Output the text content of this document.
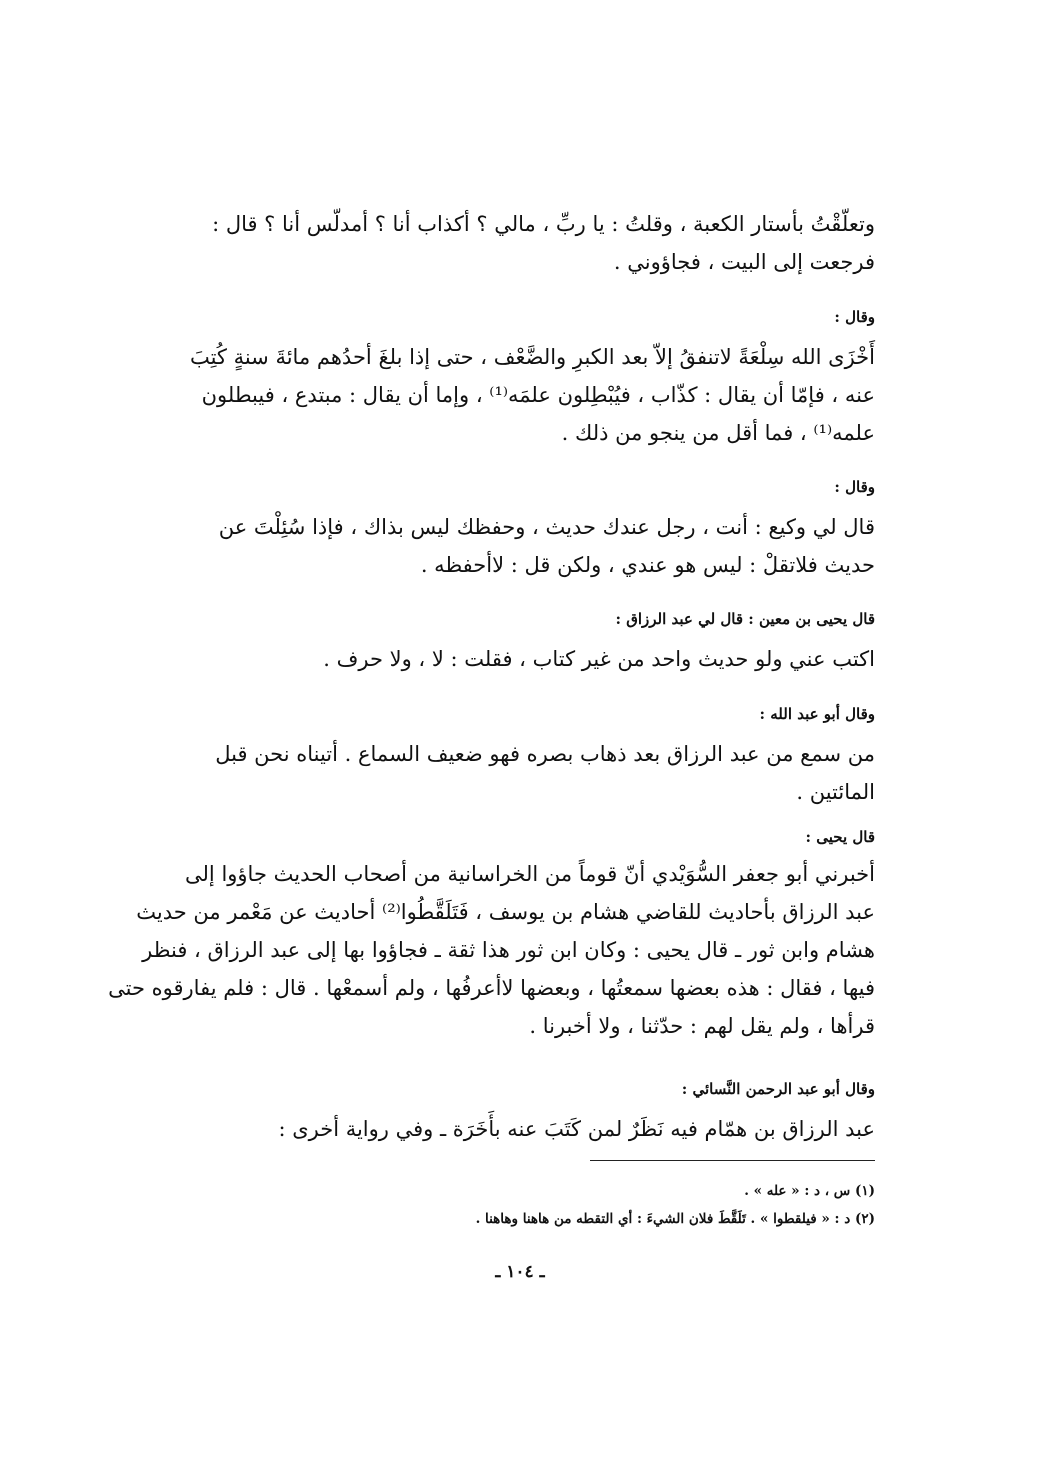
وتعلّقْتُ بأستار الكعبة ، وقلتُ : يا ربِّ ، مالي ؟ أكذاب أنا ؟ أمدلّس أنا ؟ قال :
فرجعت إلى البيت ، فجاؤوني .
وقال :
أَخْزَى الله سِلْعَةً لاتنفقُ إلاّ بعد الكبرِ والضَّعْف ، حتى إذا بلغَ أحدُهم مائةَ سنةٍ كُتِبَ
عنه ، فإمّا أن يقال : كذّاب ، فيُبْطِلون علمَه⁽¹⁾ ، وإما أن يقال : مبتدع ، فيبطلون
علمه⁽¹⁾ ، فما أقل من ينجو من ذلك .
وقال :
قال لي وكيع : أنت ، رجل عندك حديث ، وحفظك ليس بذاك ، فإذا سُئِلْتَ عن
حديث فلاتقلْ : ليس هو عندي ، ولكن قل : لاأحفظه .
قال يحيى بن معين : قال لي عبد الرزاق :
اكتب عني ولو حديث واحد من غير كتاب ، فقلت : لا ، ولا حرف .
وقال أبو عبد الله :
من سمع من عبد الرزاق بعد ذهاب بصره فهو ضعيف السماع . أتيناه نحن قبل
المائتين .
قال يحيى :
أخبرني أبو جعفر السُّوَيْدي أنّ قوماً من الخراسانية من أصحاب الحديث جاؤوا إلى
عبد الرزاق بأحاديث للقاضي هشام بن يوسف ، فَتَلَقَّطُوا⁽²⁾ أحاديث عن مَعْمر من حديث
هشام وابن ثور ـ قال يحيى : وكان ابن ثور هذا ثقة ـ فجاؤوا بها إلى عبد الرزاق ، فنظر
فيها ، فقال : هذه بعضها سمعتُها ، وبعضها لاأعرفُها ، ولم أسمعْها . قال : فلم يفارقوه حتى
قرأها ، ولم يقل لهم : حدّثنا ، ولا أخبرنا .
وقال أبو عبد الرحمن النَّسائي :
عبد الرزاق بن همّام فيه نَظَرٌ لمن كَتَبَ عنه بأَخَرَة ـ وفي رواية أخرى :
(١) س ، د : « عله » .
(٢) د : « فيلقطوا » . تَلَقَّطَ فلان الشيءَ : أي التقطه من هاهنا وهاهنا .
ـ ١٠٤ ـ
